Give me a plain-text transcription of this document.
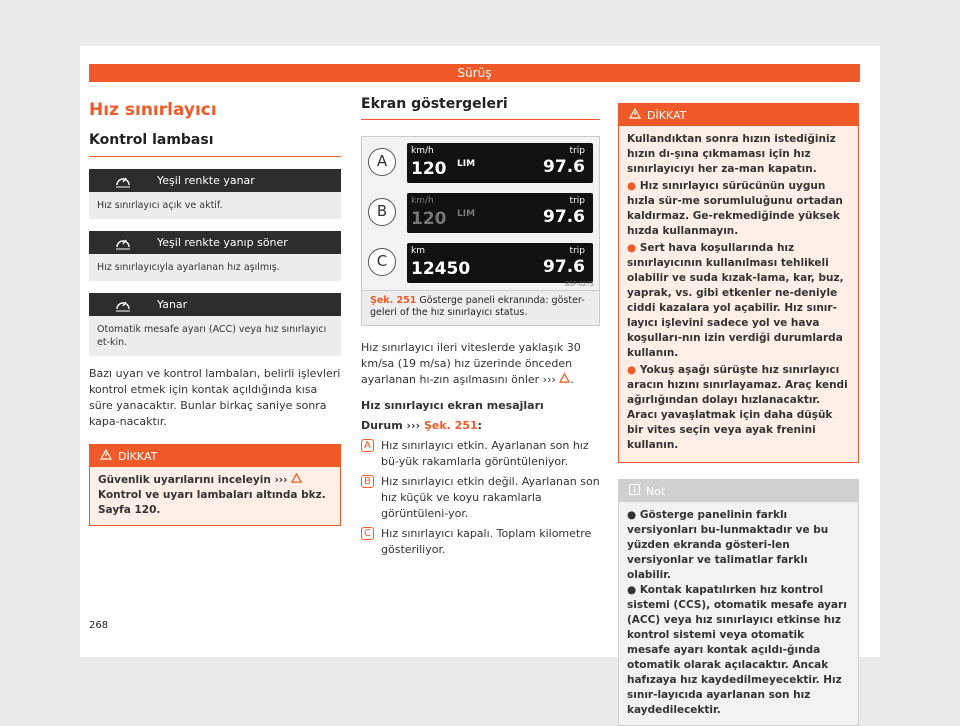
Sürüş
Hız sınırlayıcı
Kontrol lambası
Yeşil renkte yanar
Hız sınırlayıcı açık ve aktif.
Yeşil renkte yanıp söner
Hız sınırlayıcıyla ayarlanan hız aşılmış.
Yanar
Otomatik mesafe ayarı (ACC) veya hız sınırlayıcı et-kin.

Bazı uyarı ve kontrol lambaları, belirli işlevleri kontrol etmek için kontak açıldığında kısa süre yanacaktır. Bunlar birkaç saniye sonra kapa-nacaktır.

DİKKAT
Güvenlik uyarılarını inceleyin ›››  Kontrol ve uyarı lambaları altında bkz. Sayfa 120.
Ekran göstergeleri
A
km/h
120 LIM
trip
97.6
B
km/h
120 LIM
trip
97.6
C
km
12450
trip
97.6
B5F-0275
Şek. 251 Gösterge paneli ekranında: göster-geleri of the hız sınırlayıcı status.

Hız sınırlayıcı ileri viteslerde yaklaşık 30 km/sa (19 m/sa) hız üzerinde önceden ayarlanan hı-zın aşılmasını önler ››› .

Hız sınırlayıcı ekran mesajları

Durum ››› Şek. 251:

A Hız sınırlayıcı etkin. Ayarlanan son hız bü-yük rakamlarla görüntüleniyor.
B Hız sınırlayıcı etkin değil. Ayarlanan son hız küçük ve koyu rakamlarla görüntüleni-yor.
C Hız sınırlayıcı kapalı. Toplam kilometre gösteriliyor.
DİKKAT

Kullandıktan sonra hızın istediğiniz hızın dı-şına çıkmaması için hız sınırlayıcıyı her za-man kapatın.

● Hız sınırlayıcı sürücünün uygun hızla sür-me sorumluluğunu ortadan kaldırmaz. Ge-rekmediğinde yüksek hızda kullanmayın.

● Sert hava koşullarında hız sınırlayıcının kullanılması tehlikeli olabilir ve suda kızak-lama, kar, buz, yaprak, vs. gibi etkenler ne-deniyle ciddi kazalara yol açabilir. Hız sınır-layıcı işlevini sadece yol ve hava koşulları-nın izin verdiği durumlarda kullanın.

● Yokuş aşağı sürüşte hız sınırlayıcı aracın hızını sınırlayamaz. Araç kendi ağırlığından dolayı hızlanacaktır. Aracı yavaşlatmak için daha düşük bir vites seçin veya ayak frenini kullanın.

Not

● Gösterge panelinin farklı versiyonları bu-lunmaktadır ve bu yüzden ekranda gösteri-len versiyonlar ve talimatlar farklı olabilir.

● Kontak kapatılırken hız kontrol sistemi (CCS), otomatik mesafe ayarı (ACC) veya hız sınırlayıcı etkinse hız kontrol sistemi veya otomatik mesafe ayarı kontak açıldı-ğında otomatik olarak açılacaktır. Ancak hafızaya hız kaydedilmeyecektir. Hız sınır-layıcıda ayarlanan son hız kaydedilecektir.

268
